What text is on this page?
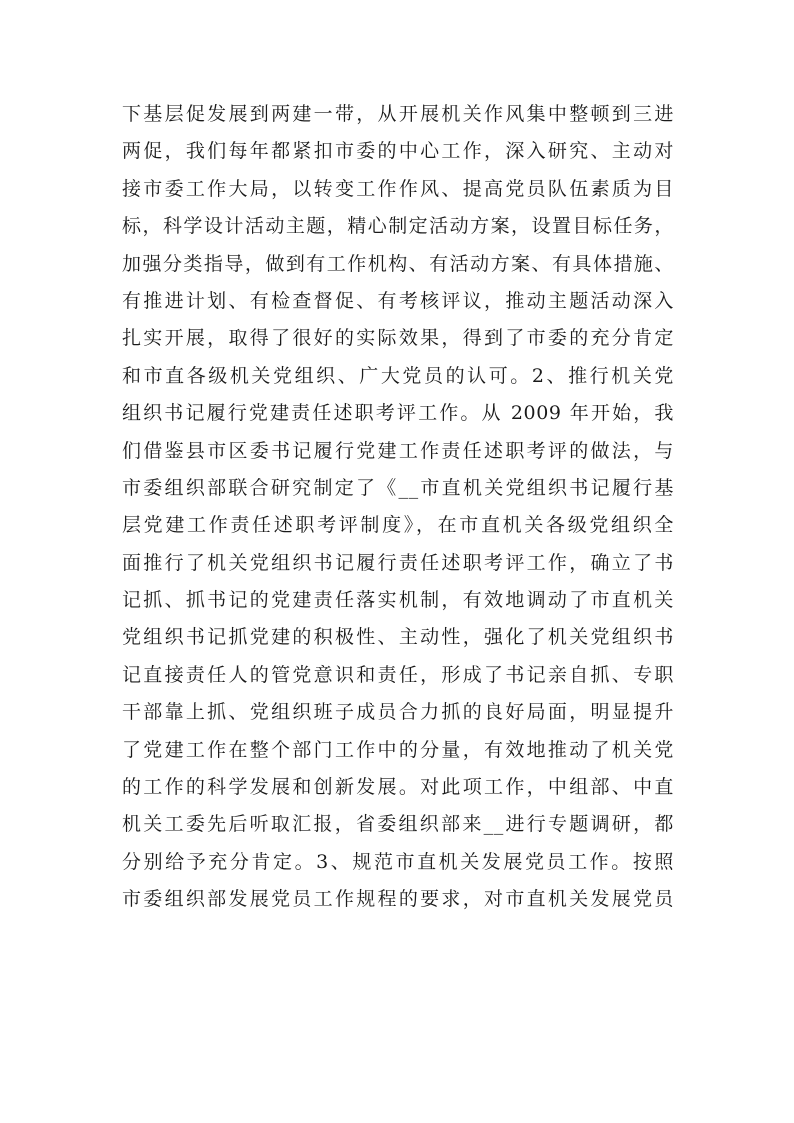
下基层促发展到两建一带，从开展机关作风集中整顿到三进
两促，我们每年都紧扣市委的中心工作，深入研究、主动对
接市委工作大局，以转变工作作风、提高党员队伍素质为目
标，科学设计活动主题，精心制定活动方案，设置目标任务，
加强分类指导，做到有工作机构、有活动方案、有具体措施、
有推进计划、有检查督促、有考核评议，推动主题活动深入
扎实开展，取得了很好的实际效果，得到了市委的充分肯定
和市直各级机关党组织、广大党员的认可。2、推行机关党
组织书记履行党建责任述职考评工作。从 2009 年开始，我
们借鉴县市区委书记履行党建工作责任述职考评的做法，与
市委组织部联合研究制定了《__市直机关党组织书记履行基
层党建工作责任述职考评制度》，在市直机关各级党组织全
面推行了机关党组织书记履行责任述职考评工作，确立了书
记抓、抓书记的党建责任落实机制，有效地调动了市直机关
党组织书记抓党建的积极性、主动性，强化了机关党组织书
记直接责任人的管党意识和责任，形成了书记亲自抓、专职
干部靠上抓、党组织班子成员合力抓的良好局面，明显提升
了党建工作在整个部门工作中的分量，有效地推动了机关党
的工作的科学发展和创新发展。对此项工作，中组部、中直
机关工委先后听取汇报，省委组织部来__进行专题调研，都
分别给予充分肯定。3、规范市直机关发展党员工作。按照
市委组织部发展党员工作规程的要求，对市直机关发展党员
